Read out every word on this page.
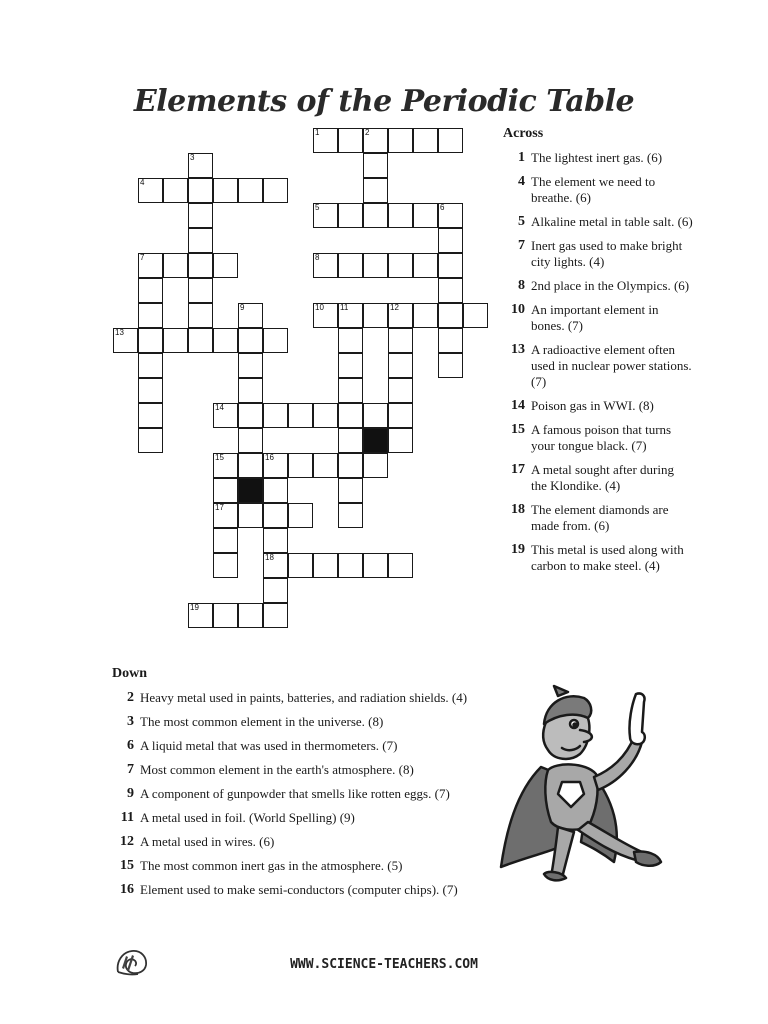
Elements of the Periodic Table
1	2
3
4
5	6
7	8
9	10 11	12
13
14
15	16
17
18
19
Across
1 The lightest inert gas. (6)
4 The element we need to breathe. (6)
5 Alkaline metal in table salt. (6)
7 Inert gas used to make bright city lights. (4)
8 2nd place in the Olympics. (6)
10 An important element in bones. (7)
13 A radioactive element often used in nuclear power stations. (7)
14 Poison gas in WWI. (8)
15 A famous poison that turns your tongue black. (7)
17 A metal sought after during the Klondike. (4)
18 The element diamonds are made from. (6)
19 This metal is used along with carbon to make steel. (4)
Down
2 Heavy metal used in paints, batteries, and radiation shields. (4)
3 The most common element in the universe. (8)
6 A liquid metal that was used in thermometers. (7)
7 Most common element in the earth's atmosphere. (8)
9 A component of gunpowder that smells like rotten eggs. (7)
11 A metal used in foil. (World Spelling) (9)
12 A metal used in wires. (6)
15 The most common inert gas in the atmosphere. (5)
16 Element used to make semi-conductors (computer chips). (7)
WWW.SCIENCE-TEACHERS.COM
